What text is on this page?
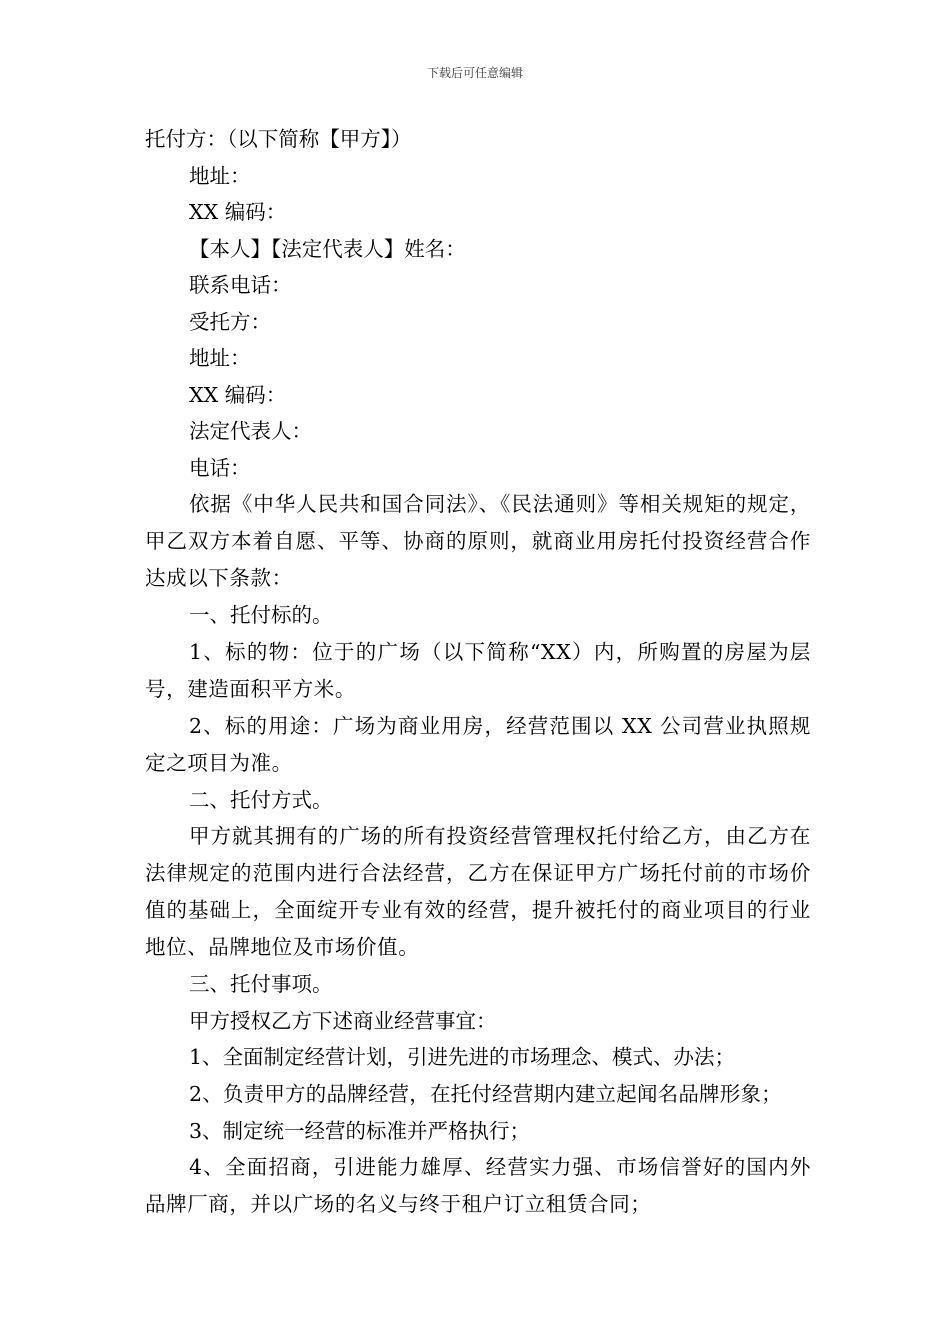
下载后可任意编辑
托付方：（以下简称【甲方】）
地址：
XX 编码：
【本人】【法定代表人】姓名：
联系电话：
受托方：
地址：
XX 编码：
法定代表人：
电话：
依据《中华人民共和国合同法》、《民法通则》等相关规矩的规定，甲乙双方本着自愿、平等、协商的原则，就商业用房托付投资经营合作达成以下条款：
一、托付标的。
1、标的物：位于的广场（以下简称“XX）内，所购置的房屋为层号，建造面积平方米。
2、标的用途：广场为商业用房，经营范围以 XX 公司营业执照规定之项目为准。
二、托付方式。
甲方就其拥有的广场的所有投资经营管理权托付给乙方，由乙方在法律规定的范围内进行合法经营，乙方在保证甲方广场托付前的市场价值的基础上，全面绽开专业有效的经营，提升被托付的商业项目的行业地位、品牌地位及市场价值。
三、托付事项。
甲方授权乙方下述商业经营事宜：
1、全面制定经营计划，引进先进的市场理念、模式、办法；
2、负责甲方的品牌经营，在托付经营期内建立起闻名品牌形象；
3、制定统一经营的标准并严格执行；
4、全面招商，引进能力雄厚、经营实力强、市场信誉好的国内外品牌厂商，并以广场的名义与终于租户订立租赁合同；
